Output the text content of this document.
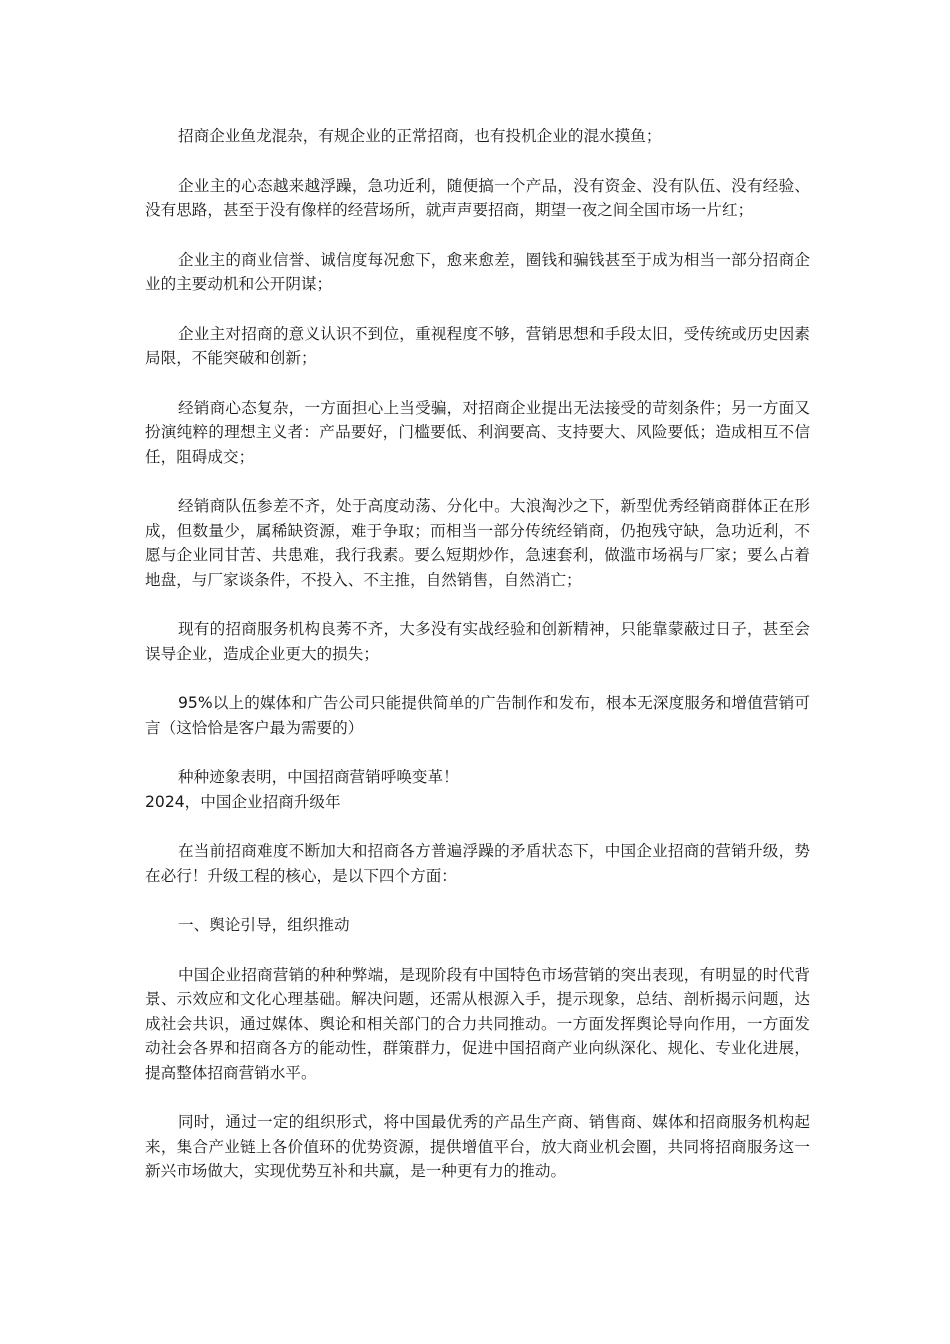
招商企业鱼龙混杂，有规企业的正常招商，也有投机企业的混水摸鱼；

企业主的心态越来越浮躁，急功近利，随便搞一个产品，没有资金、没有队伍、没有经验、没有思路，甚至于没有像样的经营场所，就声声要招商，期望一夜之间全国市场一片红；

企业主的商业信誉、诚信度每况愈下，愈来愈差，圈钱和骗钱甚至于成为相当一部分招商企业的主要动机和公开阴谋；

企业主对招商的意义认识不到位，重视程度不够，营销思想和手段太旧，受传统或历史因素局限，不能突破和创新；

经销商心态复杂，一方面担心上当受骗，对招商企业提出无法接受的苛刻条件；另一方面又扮演纯粹的理想主义者：产品要好，门槛要低、利润要高、支持要大、风险要低；造成相互不信任，阻碍成交；

经销商队伍参差不齐，处于高度动荡、分化中。大浪淘沙之下，新型优秀经销商群体正在形成，但数量少，属稀缺资源，难于争取；而相当一部分传统经销商，仍抱残守缺，急功近利，不愿与企业同甘苦、共患难，我行我素。要么短期炒作，急速套利，做滥市场祸与厂家；要么占着地盘，与厂家谈条件，不投入、不主推，自然销售，自然消亡；

现有的招商服务机构良莠不齐，大多没有实战经验和创新精神，只能靠蒙蔽过日子，甚至会误导企业，造成企业更大的损失；

95%以上的媒体和广告公司只能提供简单的广告制作和发布，根本无深度服务和增值营销可言（这恰恰是客户最为需要的）

种种迹象表明，中国招商营销呼唤变革！

2024，中国企业招商升级年

在当前招商难度不断加大和招商各方普遍浮躁的矛盾状态下，中国企业招商的营销升级，势在必行！升级工程的核心，是以下四个方面：

一、舆论引导，组织推动

中国企业招商营销的种种弊端，是现阶段有中国特色市场营销的突出表现，有明显的时代背景、示效应和文化心理基础。解决问题，还需从根源入手，提示现象，总结、剖析揭示问题，达成社会共识，通过媒体、舆论和相关部门的合力共同推动。一方面发挥舆论导向作用，一方面发动社会各界和招商各方的能动性，群策群力，促进中国招商产业向纵深化、规化、专业化进展，提高整体招商营销水平。

同时，通过一定的组织形式，将中国最优秀的产品生产商、销售商、媒体和招商服务机构起来，集合产业链上各价值环的优势资源，提供增值平台，放大商业机会圈，共同将招商服务这一新兴市场做大，实现优势互补和共赢，是一种更有力的推动。
